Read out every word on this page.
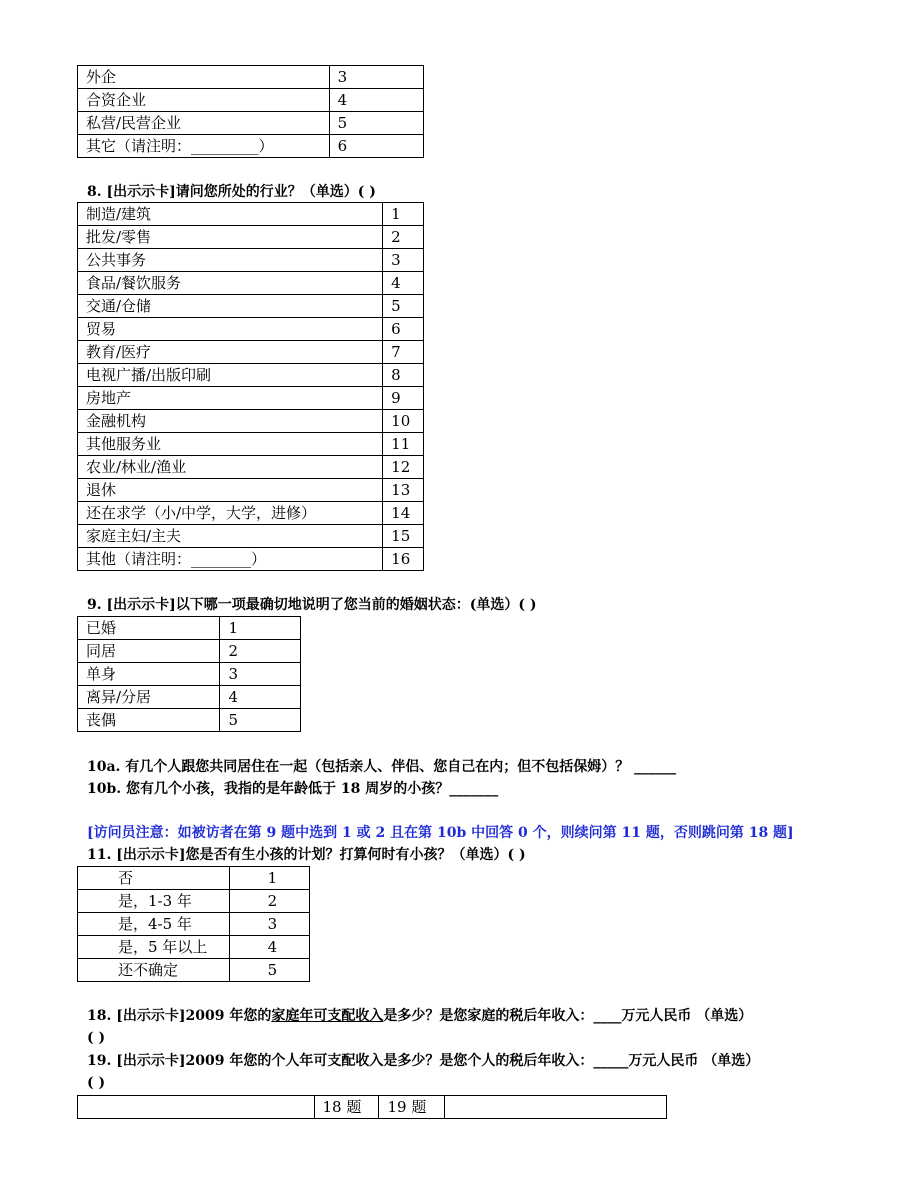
外企	3
合资企业	4
私营/民营企业	5
其它（请注明：_________）	6
8. [出示示卡]请问您所处的行业？（单选）( )
制造/建筑	1
批发/零售	2
公共事务	3
食品/餐饮服务	4
交通/仓储	5
贸易	6
教育/医疗	7
电视广播/出版印刷	8
房地产	9
金融机构	10
其他服务业	11
农业/林业/渔业	12
退休	13
还在求学（小/中学，大学，进修）	14
家庭主妇/主夫	15
其他（请注明：________）	16
9. [出示示卡]以下哪一项最确切地说明了您当前的婚姻状态：(单选）( )
已婚	1
同居	2
单身	3
离异/分居	4
丧偶	5
10a. 有几个人跟您共同居住在一起（包括亲人、伴侣、您自己在内；但不包括保姆）？ ______
10b. 您有几个小孩，我指的是年龄低于 18 周岁的小孩？_______
[访问员注意：如被访者在第 9 题中选到 1 或 2 且在第 10b 中回答 0 个，则续问第 11 题，否则跳问第 18 题]
11. [出示示卡]您是否有生小孩的计划？打算何时有小孩？（单选）( )
否	1
是，1-3 年	2
是，4-5 年	3
是，5 年以上	4
还不确定	5
18. [出示示卡]2009 年您的家庭年可支配收入是多少？是您家庭的税后年收入：____万元人民币 （单选）
( )
19. [出示示卡]2009 年您的个人年可支配收入是多少？是您个人的税后年收入：_____万元人民币 （单选）
( )
	18 题	19 题	
